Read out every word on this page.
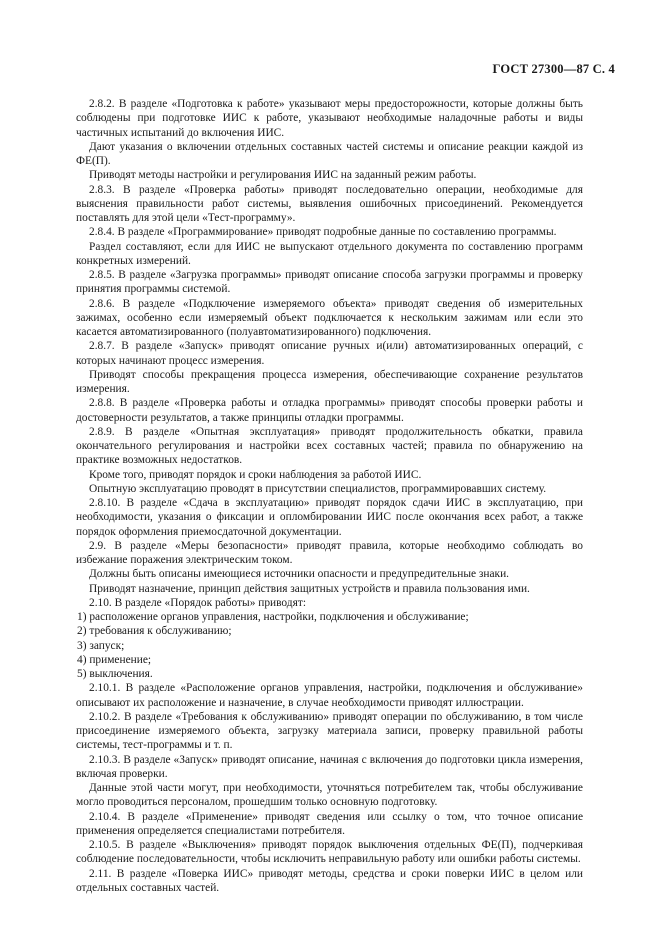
ГОСТ 27300—87 С. 4

2.8.2. В разделе «Подготовка к работе» указывают меры предосторожности, которые должны быть соблюдены при подготовке ИИС к работе, указывают необходимые наладочные работы и виды частичных испытаний до включения ИИС.

Дают указания о включении отдельных составных частей системы и описание реакции каждой из ФЕ(П).

Приводят методы настройки и регулирования ИИС на заданный режим работы.

2.8.3. В разделе «Проверка работы» приводят последовательно операции, необходимые для выяснения правильности работ системы, выявления ошибочных присоединений. Рекомендуется поставлять для этой цели «Тест-программу».

2.8.4. В разделе «Программирование» приводят подробные данные по составлению программы.

Раздел составляют, если для ИИС не выпускают отдельного документа по составлению программ конкретных измерений.

2.8.5. В разделе «Загрузка программы» приводят описание способа загрузки программы и проверку принятия программы системой.

2.8.6. В разделе «Подключение измеряемого объекта» приводят сведения об измерительных зажимах, особенно если измеряемый объект подключается к нескольким зажимам или если это касается автоматизированного (полуавтоматизированного) подключения.

2.8.7. В разделе «Запуск» приводят описание ручных и(или) автоматизированных операций, с которых начинают процесс измерения.

Приводят способы прекращения процесса измерения, обеспечивающие сохранение результатов измерения.

2.8.8. В разделе «Проверка работы и отладка программы» приводят способы проверки работы и достоверности результатов, а также принципы отладки программы.

2.8.9. В разделе «Опытная эксплуатация» приводят продолжительность обкатки, правила окончательного регулирования и настройки всех составных частей; правила по обнаружению на практике возможных недостатков.

Кроме того, приводят порядок и сроки наблюдения за работой ИИС.

Опытную эксплуатацию проводят в присутствии специалистов, программировавших систему.

2.8.10. В разделе «Сдача в эксплуатацию» приводят порядок сдачи ИИС в эксплуатацию, при необходимости, указания о фиксации и опломбировании ИИС после окончания всех работ, а также порядок оформления приемосдаточной документации.

2.9. В разделе «Меры безопасности» приводят правила, которые необходимо соблюдать во избежание поражения электрическим током.

Должны быть описаны имеющиеся источники опасности и предупредительные знаки.

Приводят назначение, принцип действия защитных устройств и правила пользования ими.

2.10. В разделе «Порядок работы» приводят:

1) расположение органов управления, настройки, подключения и обслуживание;

2) требования к обслуживанию;

3) запуск;

4) применение;

5) выключения.

2.10.1. В разделе «Расположение органов управления, настройки, подключения и обслуживание» описывают их расположение и назначение, в случае необходимости приводят иллюстрации.

2.10.2. В разделе «Требования к обслуживанию» приводят операции по обслуживанию, в том числе присоединение измеряемого объекта, загрузку материала записи, проверку правильной работы системы, тест-программы и т. п.

2.10.3. В разделе «Запуск» приводят описание, начиная с включения до подготовки цикла измерения, включая проверки.

Данные этой части могут, при необходимости, уточняться потребителем так, чтобы обслуживание могло проводиться персоналом, прошедшим только основную подготовку.

2.10.4. В разделе «Применение» приводят сведения или ссылку о том, что точное описание применения определяется специалистами потребителя.

2.10.5. В разделе «Выключения» приводят порядок выключения отдельных ФЕ(П), подчеркивая соблюдение последовательности, чтобы исключить неправильную работу или ошибки работы системы.

2.11. В разделе «Поверка ИИС» приводят методы, средства и сроки поверки ИИС в целом или отдельных составных частей.
